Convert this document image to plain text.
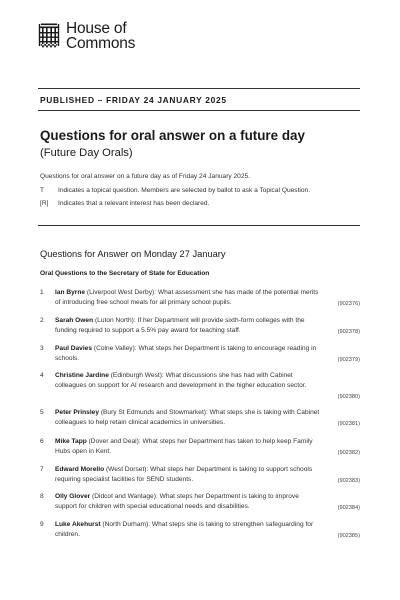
House of
Commons
PUBLISHED – FRIDAY 24 JANUARY 2025
Questions for oral answer on a future day
(Future Day Orals)
Questions for oral answer on a future day as of Friday 24 January 2025.
T	Indicates a topical question. Members are selected by ballot to ask a Topical Question.
[R]	Indicates that a relevant interest has been declared.
Questions for Answer on Monday 27 January
Oral Questions to the Secretary of State for Education
1 Ian Byrne (Liverpool West Derby): What assessment she has made of the potential merits
of introducing free school meals for all primary school pupils.	(902376)
2 Sarah Owen (Luton North): If her Department will provide sixth-form colleges with the
funding required to support a 5.5% pay award for teaching staff.	(902378)
3 Paul Davies (Colne Valley): What steps her Department is taking to encourage reading in
schools.	(902379)
4 Christine Jardine (Edinburgh West): What discussions she has had with Cabinet
colleagues on support for AI research and development in the higher education sector.
(902380)
5 Peter Prinsley (Bury St Edmunds and Stowmarket): What steps she is taking with Cabinet
colleagues to help retain clinical academics in universities.	(902381)
6 Mike Tapp (Dover and Deal): What steps her Department has taken to help keep Family
Hubs open in Kent.	(902382)
7 Edward Morello (West Dorset): What steps her Department is taking to support schools
requiring specialist facilities for SEND students.	(902383)
8 Olly Glover (Didcot and Wantage): What steps her Department is taking to improve
support for children with special educational needs and disabilities.	(902384)
9 Luke Akehurst (North Durham): What steps she is taking to strengthen safeguarding for
children.	(902385)
